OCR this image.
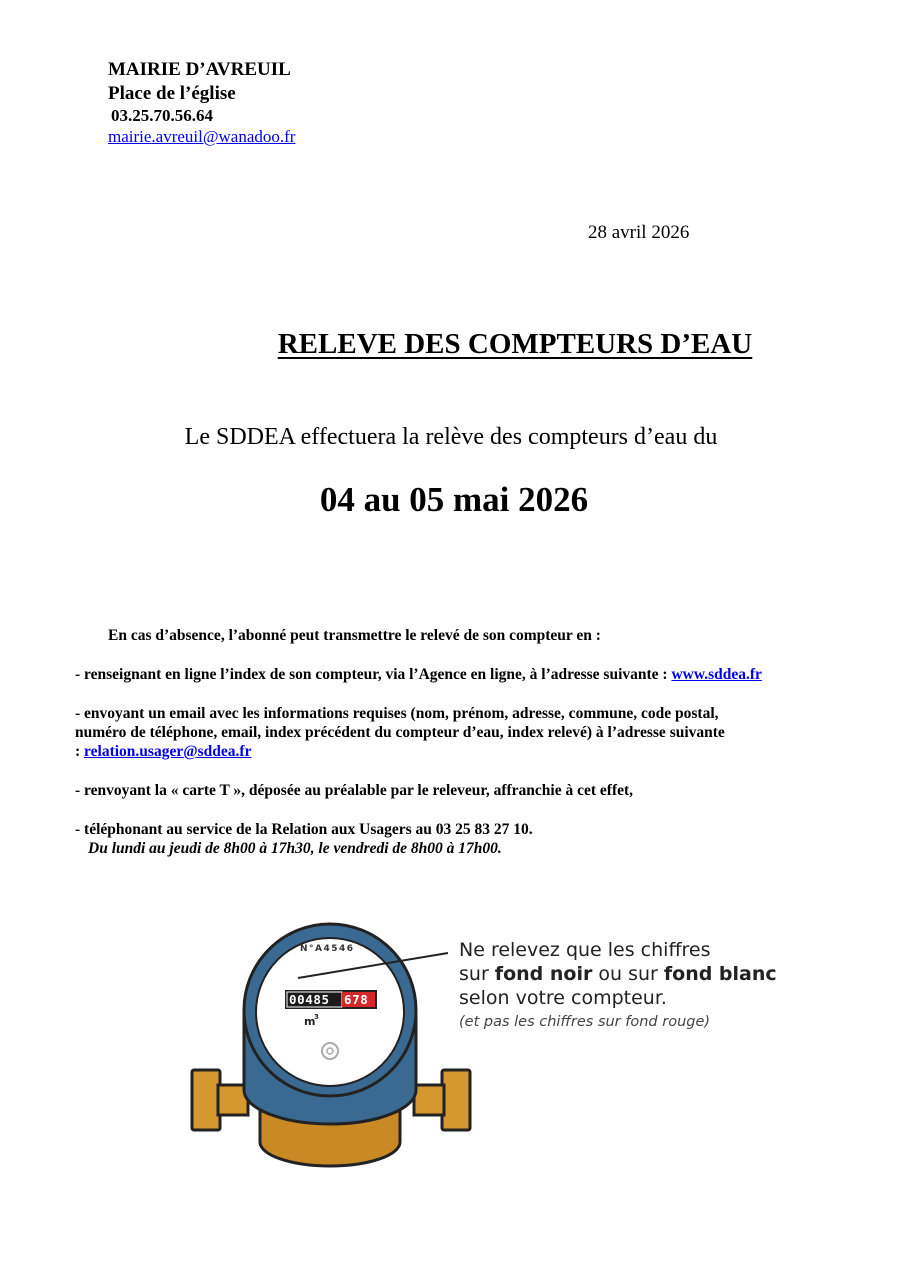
MAIRIE D’AVREUIL
Place de l’église
03.25.70.56.64
mairie.avreuil@wanadoo.fr
28 avril 2026
RELEVE DES COMPTEURS D’EAU
Le SDDEA effectuera la relève des compteurs d’eau du
04 au 05 mai 2026

En cas d’absence, l’abonné peut transmettre le relevé de son compteur en :

- renseignant en ligne l’index de son compteur, via l’Agence en ligne, à l’adresse suivante : www.sddea.fr

- envoyant un email avec les informations requises (nom, prénom, adresse, commune, code postal,
numéro de téléphone, email, index précédent du compteur d’eau, index relevé) à l’adresse suivante
: relation.usager@sddea.fr

- renvoyant la « carte T », déposée au préalable par le releveur, affranchie à cet effet,

- téléphonant au service de la Relation aux Usagers au 03 25 83 27 10.

Du lundi au jeudi de 8h00 à 17h30, le vendredi de 8h00 à 17h00.

N°A4546
00485 678
m
3
Ne relevez que les chiffres
sur fond noir ou sur fond blanc
selon votre compteur.
(et pas les chiffres sur fond rouge)
